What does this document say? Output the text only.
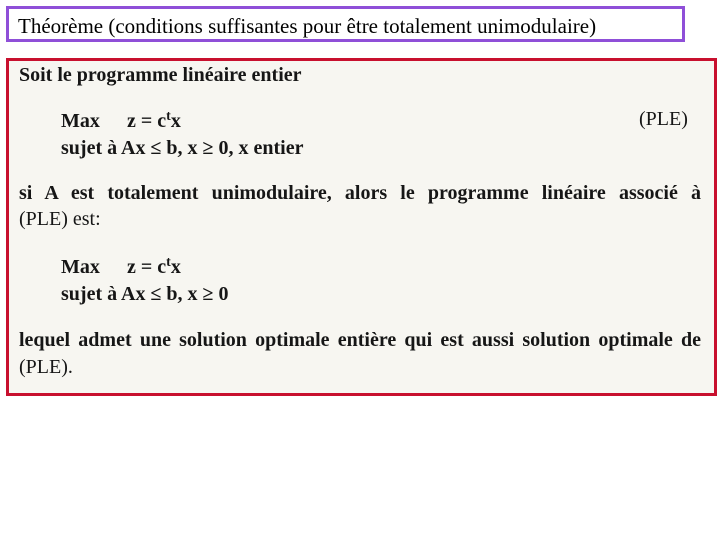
Théorème (conditions suffisantes pour être totalement unimodulaire)
Soit le programme linéaire entier
Max $z = c^tx$	(PLE)
sujet à Ax ≤ b, x ≥ 0, x entier
si A est totalement unimodulaire, alors le programme linéaire associé à
(PLE) est:
Max $z = c^tx$
sujet à Ax ≤ b, x ≥ 0
lequel admet une solution optimale entière qui est aussi solution optimale de
(PLE).
